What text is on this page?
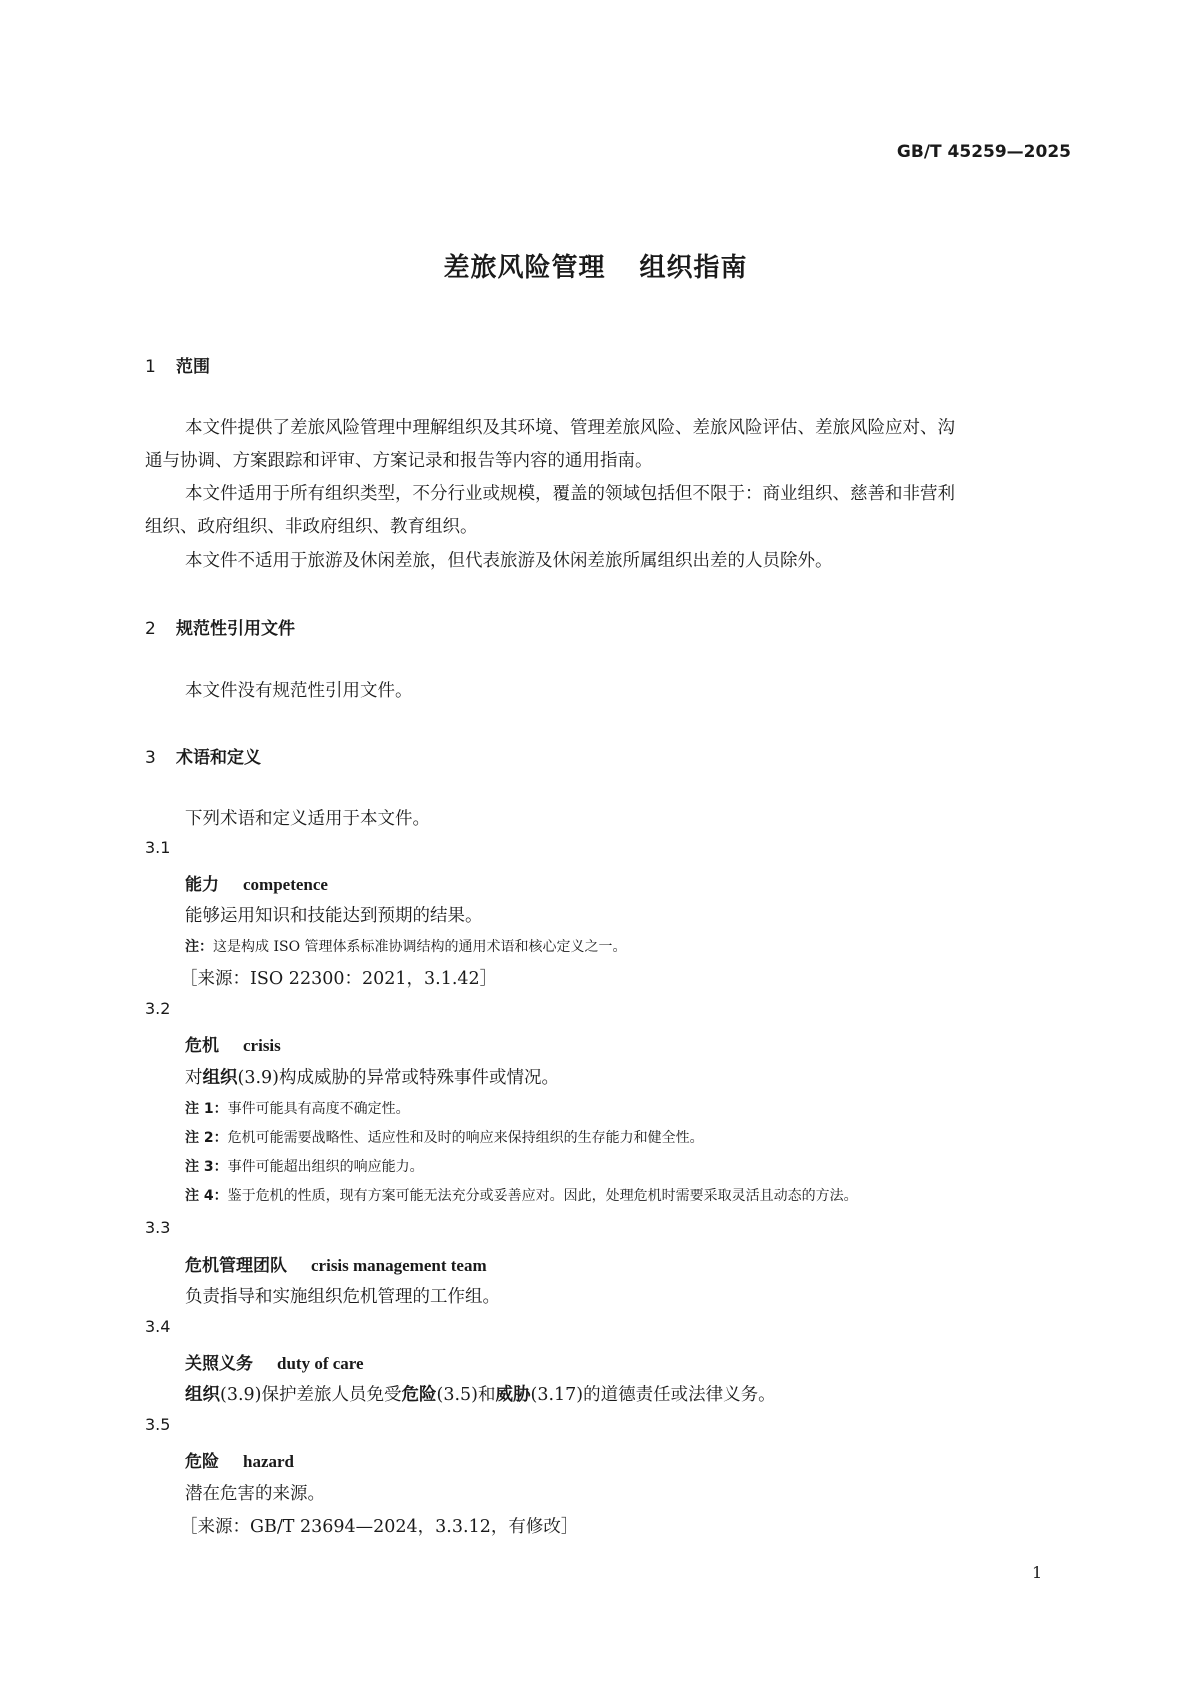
GB/T 45259—2025
差旅风险管理 组织指南
1 范围
本文件提供了差旅风险管理中理解组织及其环境、管理差旅风险、差旅风险评估、差旅风险应对、沟
通与协调、方案跟踪和评审、方案记录和报告等内容的通用指南。
本文件适用于所有组织类型，不分行业或规模，覆盖的领域包括但不限于：商业组织、慈善和非营利
组织、政府组织、非政府组织、教育组织。
本文件不适用于旅游及休闲差旅，但代表旅游及休闲差旅所属组织出差的人员除外。
2 规范性引用文件
本文件没有规范性引用文件。
3 术语和定义
下列术语和定义适用于本文件。
3.1
能力 competence
能够运用知识和技能达到预期的结果。
注：这是构成 ISO 管理体系标准协调结构的通用术语和核心定义之一。
［来源：ISO 22300：2021，3.1.42］
3.2
危机 crisis
对组织(3.9)构成威胁的异常或特殊事件或情况。
注 1：事件可能具有高度不确定性。
注 2：危机可能需要战略性、适应性和及时的响应来保持组织的生存能力和健全性。
注 3：事件可能超出组织的响应能力。
注 4：鉴于危机的性质，现有方案可能无法充分或妥善应对。因此，处理危机时需要采取灵活且动态的方法。
3.3
危机管理团队 crisis management team
负责指导和实施组织危机管理的工作组。
3.4
关照义务 duty of care
组织(3.9)保护差旅人员免受危险(3.5)和威胁(3.17)的道德责任或法律义务。
3.5
危险 hazard
潜在危害的来源。
［来源：GB/T 23694—2024，3.3.12，有修改］
1
